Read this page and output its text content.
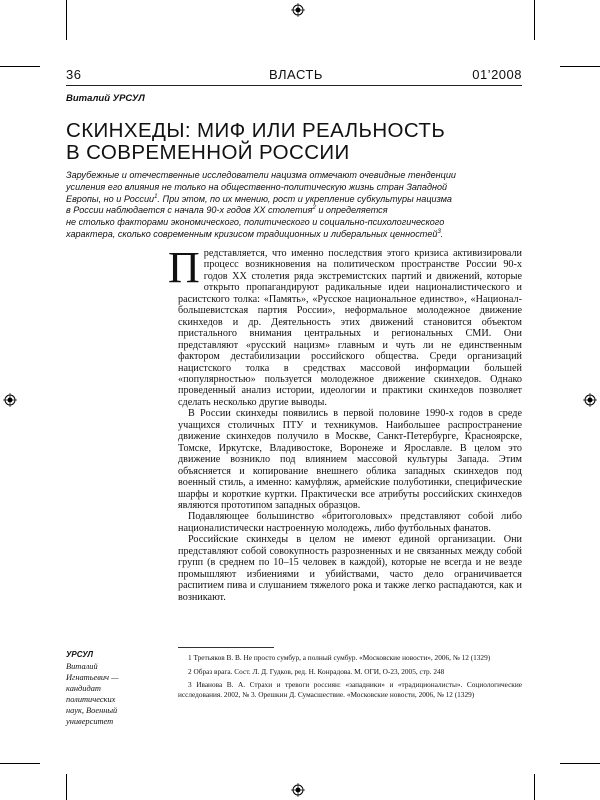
36	ВЛАСТЬ	01’2008
Виталий УРСУЛ
СКИНХЕДЫ: МИФ ИЛИ РЕАЛЬНОСТЬ
В СОВРЕМЕННОЙ РОССИИ
Зарубежные и отечественные исследователи нацизма отмечают очевидные тенденции
усиления его влияния не только на общественно-политическую жизнь стран Западной
Европы, но и России$^1$. При этом, по их мнению, рост и укрепление субкультуры нацизма
в России наблюдается с начала 90-х годов XX столетия$^2$ и определяется
не столько факторами экономического, политического и социально-психологического
характера, сколько современным кризисом традиционных и либеральных ценностей$^3$.

Представляется, что именно последствия этого кризиса активизировали процесс возникновения на политическом пространстве России 90-х годов XX столетия ряда экстремистских партий и движений, которые открыто пропагандируют радикальные идеи националистического и расистского толка: «Память», «Русское национальное единство», «Национал-большевистская партия России», неформальное молодежное движение скинхедов и др. Деятельность этих движений становится объектом пристального внимания центральных и региональных СМИ. Они представляют «русский нацизм» главным и чуть ли не единственным фактором дестабилизации российского общества. Среди организаций нацистского толка в средствах массовой информации большей «популярностью» пользуется молодежное движение скинхедов. Однако проведенный анализ истории, идеологии и практики скинхедов позволяет сделать несколько другие выводы.

В России скинхеды появились в первой половине 1990-х годов в среде учащихся столичных ПТУ и техникумов. Наибольшее распространение движение скинхедов получило в Москве, Санкт-Петербурге, Красноярске, Томске, Иркутске, Владивостоке, Воронеже и Ярославле. В целом это движение возникло под влиянием массовой культуры Запада. Этим объясняется и копирование внешнего облика западных скинхедов под военный стиль, а именно: камуфляж, армейские полуботинки, специфические шарфы и короткие куртки. Практически все атрибуты российских скинхедов являются прототипом западных образцов.

Подавляющее большинство «бритоголовых» представляют собой либо националистически настроенную молодежь, либо футбольных фанатов.

Российские скинхеды в целом не имеют единой организации. Они представляют собой совокупность разрозненных и не связанных между собой групп (в среднем по 10–15 человек в каждой), которые не всегда и не везде промышляют избиениями и убийствами, часто дело ограничивается распитием пива и слушанием тяжелого рока и также легко распадаются, как и возникают.

УРСУЛ
Виталий
Игнатьевич —
кандидат
политических
наук, Военный
университет
1 Третьяков В. В. Не просто сумбур, а полный сумбур. «Московские новости», 2006, № 12 (1329)
2 Образ врага. Сост. Л. Д. Гудков, ред. Н. Конрадова. М. ОГИ, О-23, 2005, стр. 248
3 Иванова В. А. Страхи и тревоги россиян: «западники» и «традиционалисты». Социологические исследования. 2002, № 3. Орешкин Д. Сумасшествие. «Московские новости, 2006, № 12 (1329)
